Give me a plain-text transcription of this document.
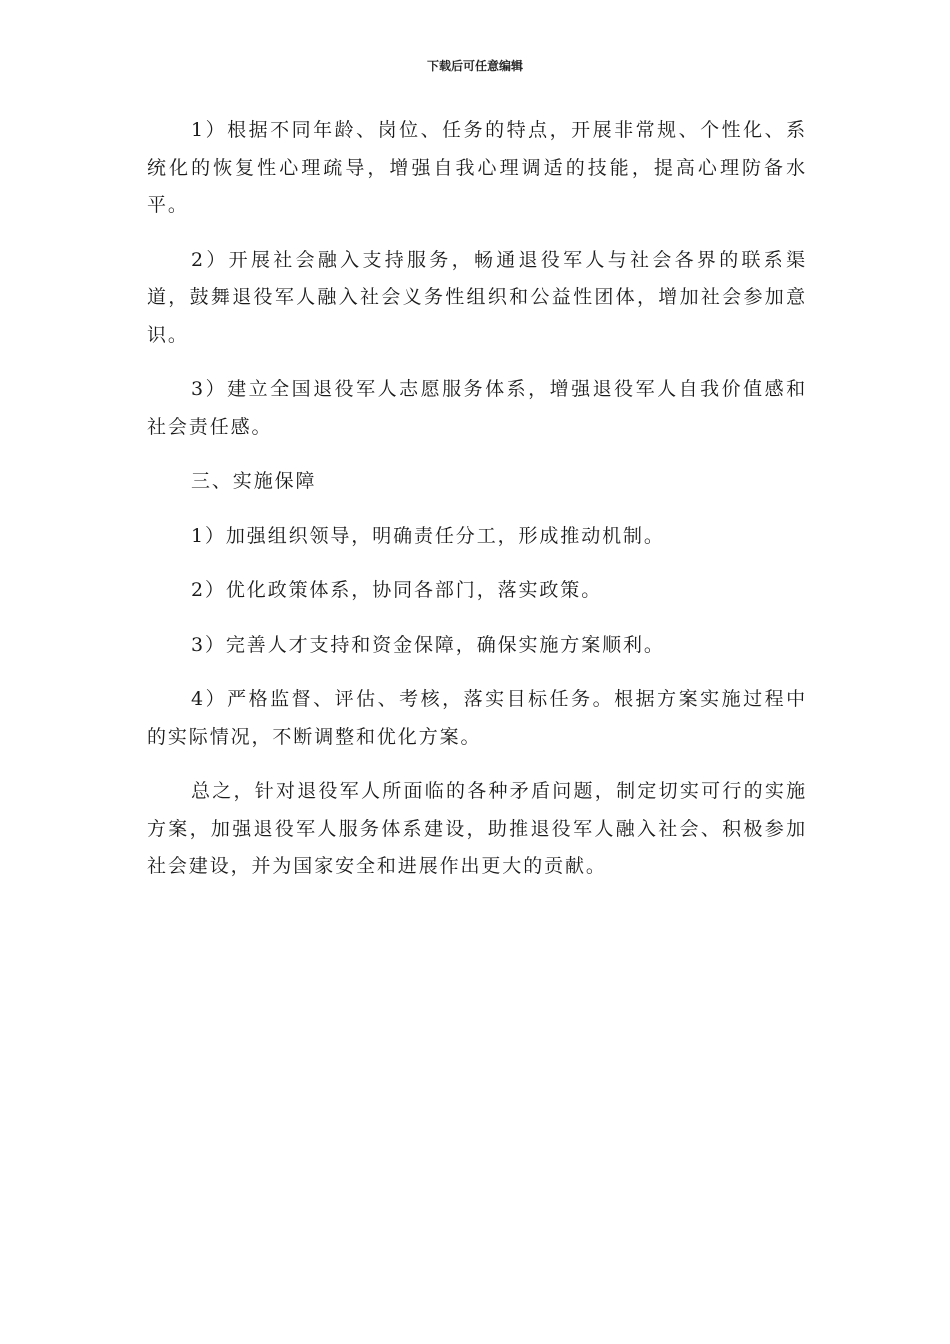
下载后可任意编辑

1）根据不同年龄、岗位、任务的特点，开展非常规、个性化、系统化的恢复性心理疏导，增强自我心理调适的技能，提高心理防备水平。

2）开展社会融入支持服务，畅通退役军人与社会各界的联系渠道，鼓舞退役军人融入社会义务性组织和公益性团体，增加社会参加意识。

3）建立全国退役军人志愿服务体系，增强退役军人自我价值感和社会责任感。

三、实施保障

1）加强组织领导，明确责任分工，形成推动机制。

2）优化政策体系，协同各部门，落实政策。

3）完善人才支持和资金保障，确保实施方案顺利。

4）严格监督、评估、考核，落实目标任务。根据方案实施过程中的实际情况，不断调整和优化方案。

总之，针对退役军人所面临的各种矛盾问题，制定切实可行的实施方案，加强退役军人服务体系建设，助推退役军人融入社会、积极参加社会建设，并为国家安全和进展作出更大的贡献。
